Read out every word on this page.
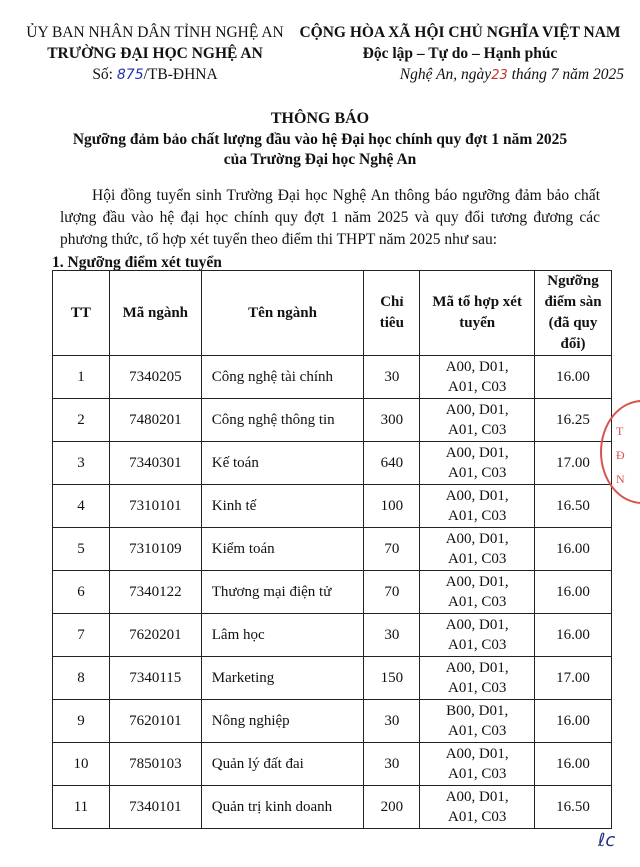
ỦY BAN NHÂN DÂN TỈNH NGHỆ AN
TRƯỜNG ĐẠI HỌC NGHỆ AN
Số: 875/TB-ĐHNA
CỘNG HÒA XÃ HỘI CHỦ NGHĨA VIỆT NAM
Độc lập – Tự do – Hạnh phúc
Nghệ An, ngày23 tháng 7 năm 2025
THÔNG BÁO
Ngưỡng đảm bảo chất lượng đầu vào hệ Đại học chính quy đợt 1 năm 2025
của Trường Đại học Nghệ An
Hội đồng tuyển sinh Trường Đại học Nghệ An thông báo ngưỡng đảm bảo chất lượng đầu vào hệ đại học chính quy đợt 1 năm 2025 và quy đổi tương đương các phương thức, tổ hợp xét tuyển theo điểm thi THPT năm 2025 như sau:
1. Ngưỡng điểm xét tuyển
TT	Mã ngành	Tên ngành	Chỉ
tiêu	Mã tổ hợp xét
tuyển	Ngưỡng
điểm sàn
(đã quy
đổi)
1	7340205	Công nghệ tài chính	30	A00, D01,
A01, C03	16.00
2	7480201	Công nghệ thông tin	300	A00, D01,
A01, C03	16.25
3	7340301	Kế toán	640	A00, D01,
A01, C03	17.00
4	7310101	Kinh tế	100	A00, D01,
A01, C03	16.50
5	7310109	Kiểm toán	70	A00, D01,
A01, C03	16.00
6	7340122	Thương mại điện tử	70	A00, D01,
A01, C03	16.00
7	7620201	Lâm học	30	A00, D01,
A01, C03	16.00
8	7340115	Marketing	150	A00, D01,
A01, C03	17.00
9	7620101	Nông nghiệp	30	B00, D01,
A01, C03	16.00
10	7850103	Quản lý đất đai	30	A00, D01,
A01, C03	16.00
11	7340101	Quản trị kinh doanh	200	A00, D01,
A01, C03	16.50
T
Đ
N
ℓc
